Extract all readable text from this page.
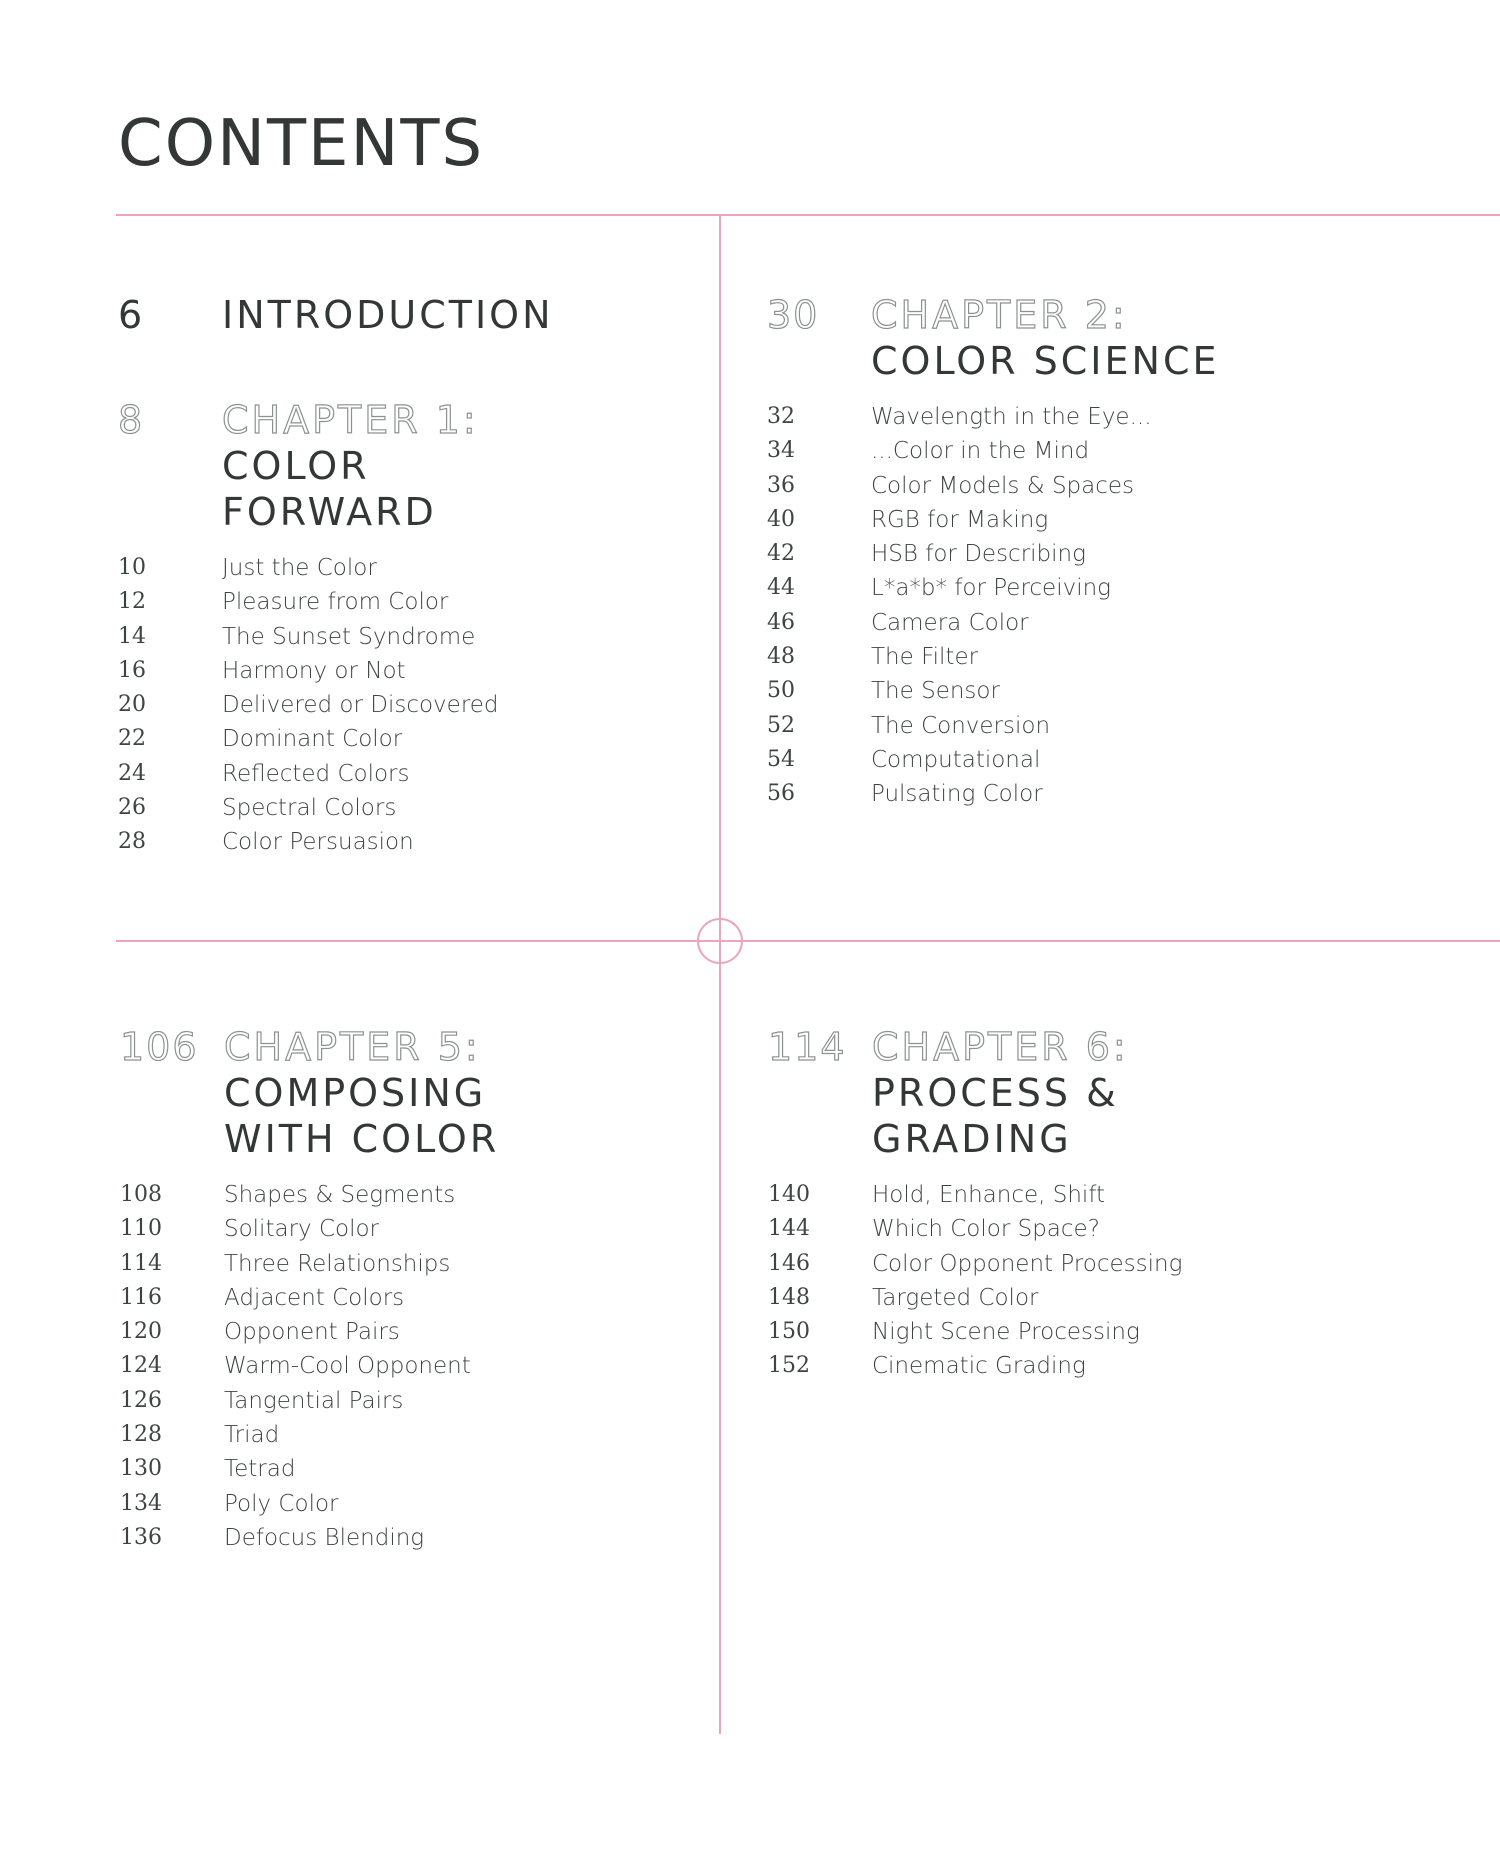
CONTENTS
6 INTRODUCTION
8 CHAPTER 1:
COLOR
FORWARD
10	Just the Color
12	Pleasure from Color
14	The Sunset Syndrome
16	Harmony or Not
20	Delivered or Discovered
22	Dominant Color
24	Reflected Colors
26	Spectral Colors
28	Color Persuasion
30 CHAPTER 2:
COLOR SCIENCE
32	Wavelength in the Eye...
34	...Color in the Mind
36	Color Models & Spaces
40	RGB for Making
42	HSB for Describing
44	L*a*b* for Perceiving
46	Camera Color
48	The Filter
50	The Sensor
52	The Conversion
54	Computational
56	Pulsating Color
106 CHAPTER 5:
COMPOSING
WITH COLOR
108	Shapes & Segments
110	Solitary Color
114	Three Relationships
116	Adjacent Colors
120	Opponent Pairs
124	Warm-Cool Opponent
126	Tangential Pairs
128	Triad
130	Tetrad
134	Poly Color
136	Defocus Blending
114 CHAPTER 6:
PROCESS &
GRADING
140	Hold, Enhance, Shift
144	Which Color Space?
146	Color Opponent Processing
148	Targeted Color
150	Night Scene Processing
152	Cinematic Grading
